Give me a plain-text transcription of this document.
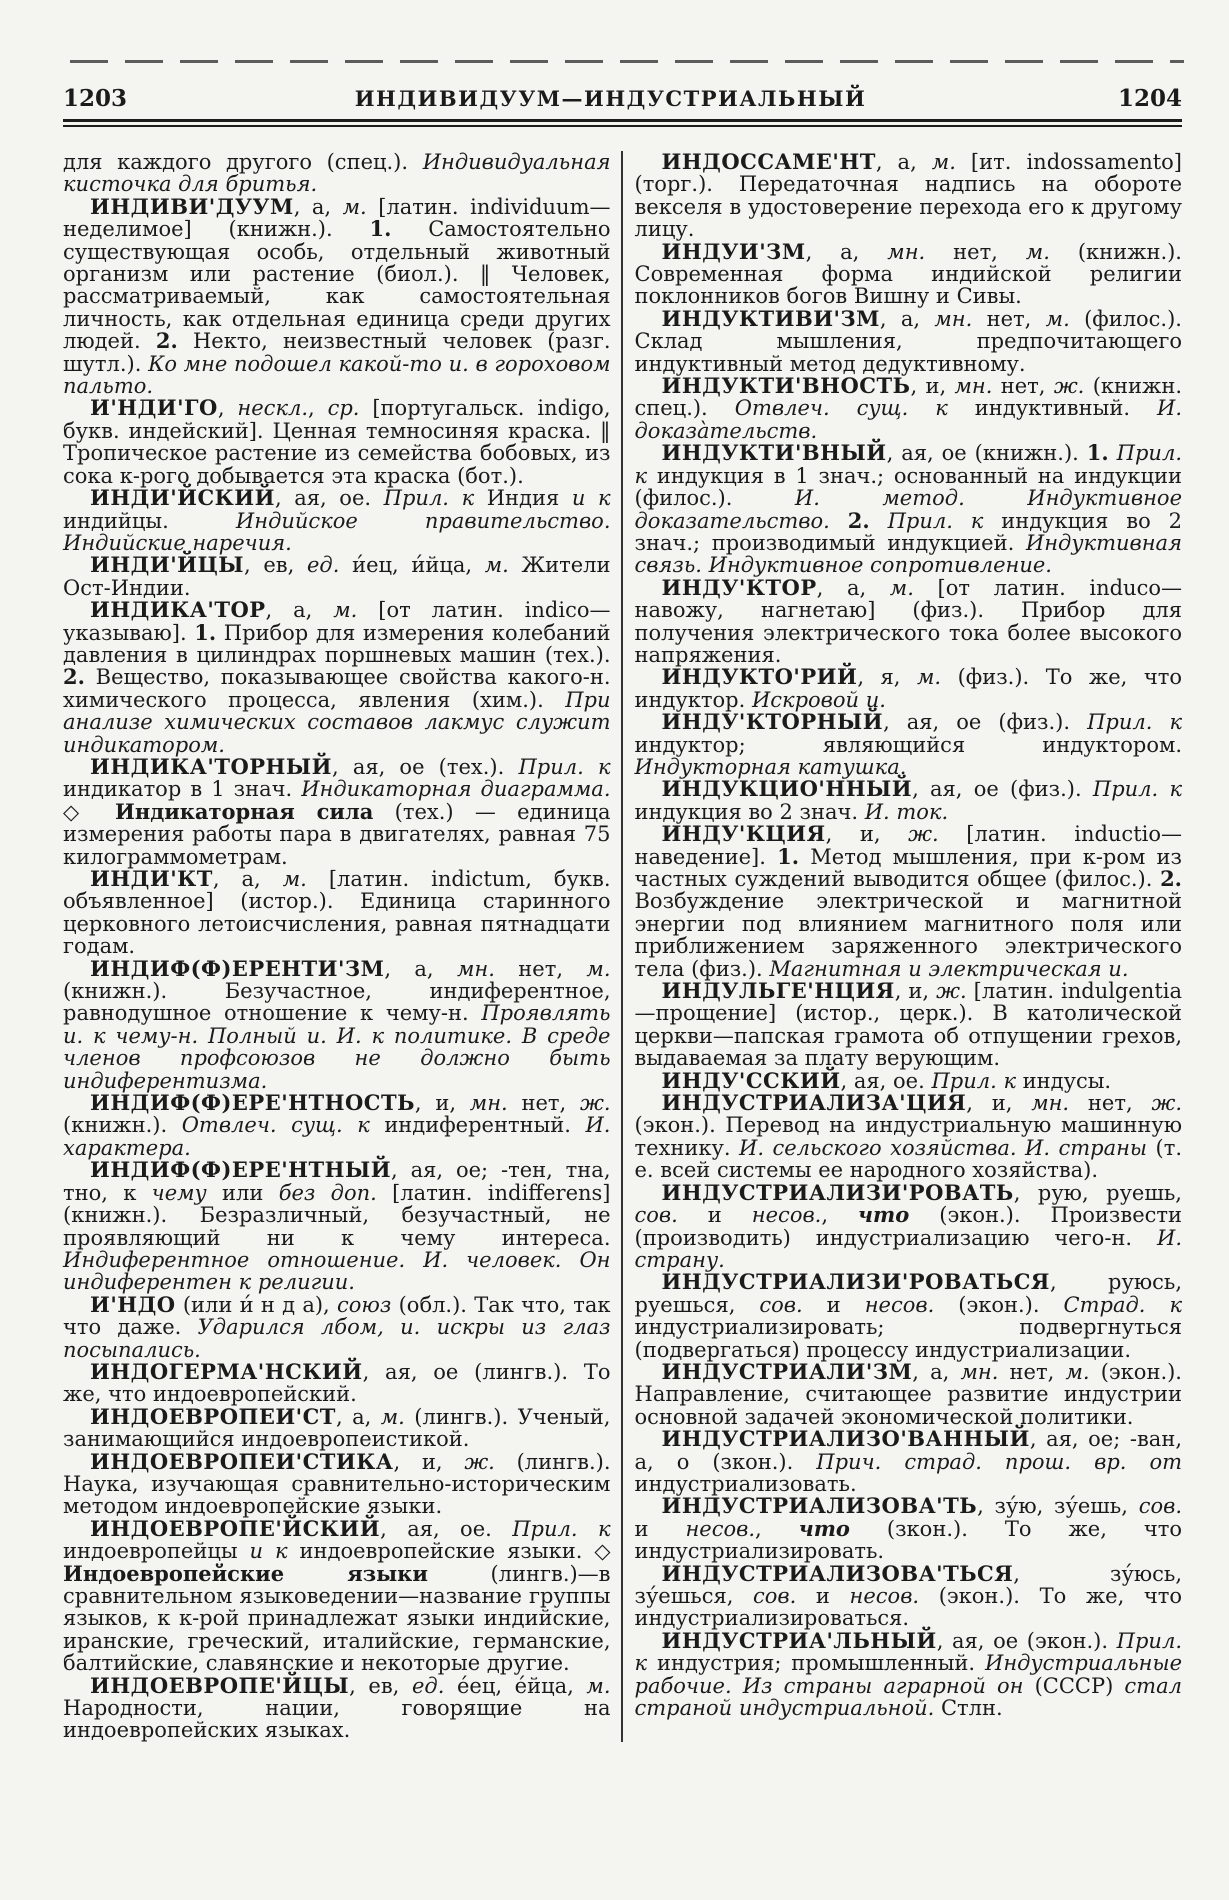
1203	ИНДИВИДУУМ—ИНДУСТРИАЛЬНЫЙ	1204

для каждого другого (спец.). Индивидуальная кисточка для бритья.

ИНДИВИ'ДУУМ, а, м. [латин. individuum—неделимое] (книжн.). 1. Самостоятельно существующая особь, отдельный животный организм или растение (биол.). ‖ Человек, рассматриваемый, как самостоятельная личность, как отдельная единица среди других людей. 2. Некто, неизвестный человек (разг. шутл.). Ко мне подошел какой-то и. в гороховом пальто.

И'НДИ'ГО, нескл., ср. [португальск. indigo, букв. индейский]. Ценная темносиняя краска. ‖ Тропическое растение из семейства бобовых, из сока к-рого добывается эта краска (бот.).

ИНДИ'ЙСКИЙ, ая, ое. Прил. к Индия и к индийцы. Индийское правительство. Индийские наречия.

ИНДИ'ЙЦЫ, ев, ед. и́ец, и́йца, м. Жители Ост-Индии.

ИНДИКА'ТОР, а, м. [от латин. indico—указываю]. 1. Прибор для измерения колебаний давления в цилиндрах поршневых машин (тех.). 2. Вещество, показывающее свойства какого-н. химического процесса, явления (хим.). При анализе химических составов лакмус служит индикатором.

ИНДИКА'ТОРНЫЙ, ая, ое (тех.). Прил. к индикатор в 1 знач. Индикаторная диаграмма. ◇ Индикаторная сила (тех.) — единица измерения работы пара в двигателях, равная 75 килограммометрам.

ИНДИ'КТ, а, м. [латин. indictum, букв. объявленное] (истор.). Единица старинного церковного летоисчисления, равная пятнадцати годам.

ИНДИФ(Ф)ЕРЕНТИ'ЗМ, а, мн. нет, м. (книжн.). Безучастное, индиферентное, равнодушное отношение к чему-н. Проявлять и. к чему-н. Полный и. И. к политике. В среде членов профсоюзов не должно быть индиферентизма.

ИНДИФ(Ф)ЕРЕ'НТНОСТЬ, и, мн. нет, ж. (книжн.). Отвлеч. сущ. к индиферентный. И. характера.

ИНДИФ(Ф)ЕРЕ'НТНЫЙ, ая, ое; -тен, тна, тно, к чему или без доп. [латин. indifferens] (книжн.). Безразличный, безучастный, не проявляющий ни к чему интереса. Индиферентное отношение. И. человек. Он индиферентен к религии.

И'НДО (или и́ н д а), союз (обл.). Так что, так что даже. Ударился лбом, и. искры из глаз посыпались.

ИНДОГЕРМА'НСКИЙ, ая, ое (лингв.). То же, что индоевропейский.

ИНДОЕВРОПЕИ'СТ, а, м. (лингв.). Ученый, занимающийся индоевропеистикой.

ИНДОЕВРОПЕИ'СТИКА, и, ж. (лингв.). Наука, изучающая сравнительно-историческим методом индоевропейские языки.

ИНДОЕВРОПЕ'ЙСКИЙ, ая, ое. Прил. к индоевропейцы и к индоевропейские языки. ◇ Индоевропейские языки (лингв.)—в сравнительном языковедении—название группы языков, к к-рой принадлежат языки индийские, иранские, греческий, италийские, германские, балтийские, славянские и некоторые другие.

ИНДОЕВРОПЕ'ЙЦЫ, ев, ед. е́ец, е́йца, м. Народности, нации, говорящие на индоевропейских языках.

ИНДОССАМЕ'НТ, а, м. [ит. indossamento] (торг.). Передаточная надпись на обороте векселя в удостоверение перехода его к другому лицу.

ИНДУИ'ЗМ, а, мн. нет, м. (книжн.). Современная форма индийской религии поклонников богов Вишну и Сивы.

ИНДУКТИВИ'ЗМ, а, мн. нет, м. (филос.). Склад мышления, предпочитающего индуктивный метод дедуктивному.

ИНДУКТИ'ВНОСТЬ, и, мн. нет, ж. (книжн. спец.). Отвлеч. сущ. к индуктивный. И. доказа̀тельств.

ИНДУКТИ'ВНЫЙ, ая, ое (книжн.). 1. Прил. к индукция в 1 знач.; основанный на индукции (филос.). И. метод. Индуктивное доказательство. 2. Прил. к индукция во 2 знач.; производимый индукцией. Индуктивная связь. Индуктивное сопротивление.

ИНДУ'КТОР, а, м. [от латин. induco—навожу, нагнетаю] (физ.). Прибор для получения электрического тока более высокого напряжения.

ИНДУКТО'РИЙ, я, м. (физ.). То же, что индуктор. Искровой и.

ИНДУ'КТОРНЫЙ, ая, ое (физ.). Прил. к индуктор; являющийся индуктором. Индукторная катушка.

ИНДУКЦИО'ННЫЙ, ая, ое (физ.). Прил. к индукция во 2 знач. И. ток.

ИНДУ'КЦИЯ, и, ж. [латин. inductio—наведение]. 1. Метод мышления, при к-ром из частных суждений выводится общее (филос.). 2. Возбуждение электрической и магнитной энергии под влиянием магнитного поля или приближением заряженного электрического тела (физ.). Магнитная и электрическая и.

ИНДУЛЬГЕ'НЦИЯ, и, ж. [латин. indulgentia—прощение] (истор., церк.). В католической церкви—папская грамота об отпущении грехов, выдаваемая за плату верующим.

ИНДУ'ССКИЙ, ая, ое. Прил. к индусы.

ИНДУСТРИАЛИЗА'ЦИЯ, и, мн. нет, ж. (экон.). Перевод на индустриальную машинную технику. И. сельского хозяйства. И. страны (т. е. всей системы ее народного хозяйства).

ИНДУСТРИАЛИЗИ'РОВАТЬ, рую, руешь, сов. и несов., что (экон.). Произвести (производить) индустриализацию чего-н. И. страну.

ИНДУСТРИАЛИЗИ'РОВАТЬСЯ, руюсь, руешься, сов. и несов. (экон.). Страд. к индустриализировать; подвергнуться (подвергаться) процессу индустриализации.

ИНДУСТРИАЛИ'ЗМ, а, мн. нет, м. (экон.). Направление, считающее развитие индустрии основной задачей экономической политики.

ИНДУСТРИАЛИЗО'ВАННЫЙ, ая, ое; -ван, а, о (зкон.). Прич. страд. прош. вр. от индустриализовать.

ИНДУСТРИАЛИЗОВА'ТЬ, зу́ю, зу́ешь, сов. и несов., что (зкон.). То же, что индустриализировать.

ИНДУСТРИАЛИЗОВА'ТЬСЯ, зу́юсь, зу́ешься, сов. и несов. (экон.). То же, что индустриализироваться.

ИНДУСТРИА'ЛЬНЫЙ, ая, ое (экон.). Прил. к индустрия; промышленный. Индустриальные рабочие. Из страны аграрной он (СССР) стал страной индустриальной. Стлн.
